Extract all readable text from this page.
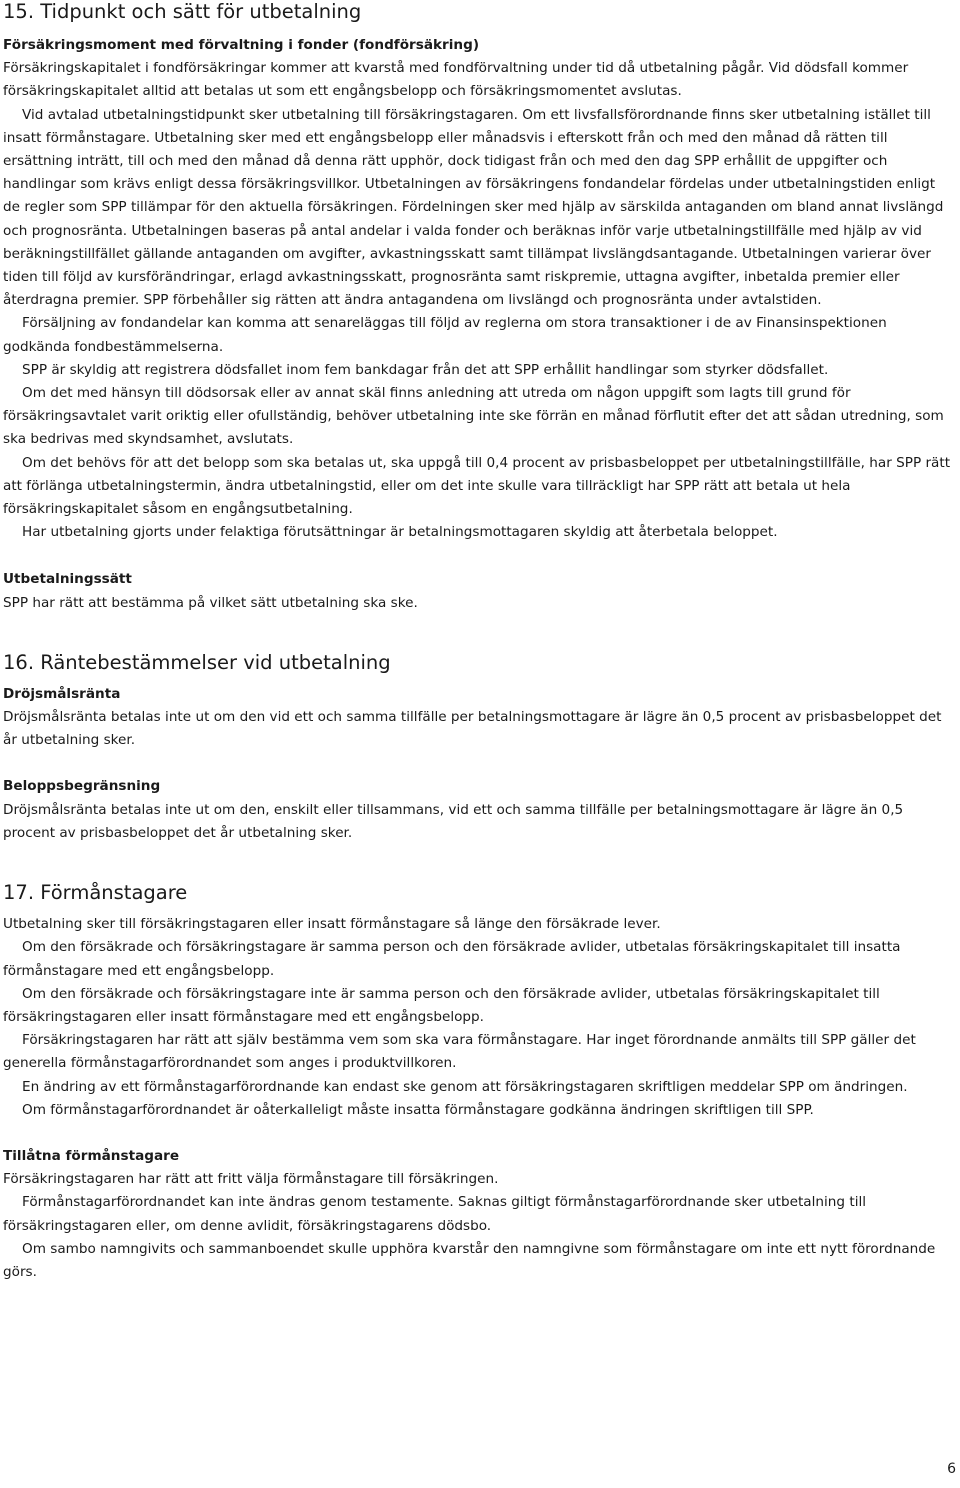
15. Tidpunkt och sätt för utbetalning
Försäkringsmoment med förvaltning i fonder (fondförsäkring)

Försäkringskapitalet i fondförsäkringar kommer att kvarstå med fondförvaltning under tid då utbetalning pågår. Vid dödsfall kommer försäkringskapitalet alltid att betalas ut som ett engångsbelopp och försäkringsmomentet avslutas.

Vid avtalad utbetalningstidpunkt sker utbetalning till försäkringstagaren. Om ett livsfallsförordnande finns sker utbetalning istället till insatt förmånstagare. Utbetalning sker med ett engångsbelopp eller månadsvis i efterskott från och med den månad då rätten till ersättning inträtt, till och med den månad då denna rätt upphör, dock tidigast från och med den dag SPP erhållit de uppgifter och handlingar som krävs enligt dessa försäkringsvillkor. Utbetalningen av försäkringens fondandelar fördelas under utbetalningstiden enligt de regler som SPP tillämpar för den aktuella försäkringen. Fördelningen sker med hjälp av särskilda antaganden om bland annat livslängd och prognosränta. Utbetalningen baseras på antal andelar i valda fonder och beräknas inför varje utbetalningstillfälle med hjälp av vid beräkningstillfället gällande antaganden om avgifter, avkastningsskatt samt tillämpat livslängdsantagande. Utbetalningen varierar över tiden till följd av kursförändringar, erlagd avkastningsskatt, prognosränta samt riskpremie, uttagna avgifter, inbetalda premier eller återdragna premier. SPP förbehåller sig rätten att ändra antagandena om livslängd och prognosränta under avtalstiden.

Försäljning av fondandelar kan komma att senareläggas till följd av reglerna om stora transaktioner i de av Finansinspektionen godkända fondbestämmelserna.

SPP är skyldig att registrera dödsfallet inom fem bankdagar från det att SPP erhållit handlingar som styrker dödsfallet.

Om det med hänsyn till dödsorsak eller av annat skäl finns anledning att utreda om någon uppgift som lagts till grund för försäkringsavtalet varit oriktig eller ofullständig, behöver utbetalning inte ske förrän en månad förflutit efter det att sådan utredning, som ska bedrivas med skyndsamhet, avslutats.

Om det behövs för att det belopp som ska betalas ut, ska uppgå till 0,4 procent av prisbasbeloppet per utbetalningstillfälle, har SPP rätt att förlänga utbetalningstermin, ändra utbetalningstid, eller om det inte skulle vara tillräckligt har SPP rätt att betala ut hela försäkringskapitalet såsom en engångsutbetalning.

Har utbetalning gjorts under felaktiga förutsättningar är betalningsmottagaren skyldig att återbetala beloppet.

Utbetalningssätt

SPP har rätt att bestämma på vilket sätt utbetalning ska ske.

16. Räntebestämmelser vid utbetalning
Dröjsmålsränta

Dröjsmålsränta betalas inte ut om den vid ett och samma tillfälle per betalningsmottagare är lägre än 0,5 procent av prisbasbeloppet det år utbetalning sker.

Beloppsbegränsning

Dröjsmålsränta betalas inte ut om den, enskilt eller tillsammans, vid ett och samma tillfälle per betalningsmottagare är lägre än 0,5 procent av prisbasbeloppet det år utbetalning sker.

17. Förmånstagare

Utbetalning sker till försäkringstagaren eller insatt förmånstagare så länge den försäkrade lever.

Om den försäkrade och försäkringstagare är samma person och den försäkrade avlider, utbetalas försäkringskapitalet till insatta förmånstagare med ett engångsbelopp.

Om den försäkrade och försäkringstagare inte är samma person och den försäkrade avlider, utbetalas försäkringskapitalet till försäkringstagaren eller insatt förmånstagare med ett engångsbelopp.

Försäkringstagaren har rätt att själv bestämma vem som ska vara förmånstagare. Har inget förordnande anmälts till SPP gäller det generella förmånstagarförordnandet som anges i produktvillkoren.

En ändring av ett förmånstagarförordnande kan endast ske genom att försäkringstagaren skriftligen meddelar SPP om ändringen.

Om förmånstagarförordnandet är oåterkalleligt måste insatta förmånstagare godkänna ändringen skriftligen till SPP.

Tillåtna förmånstagare

Försäkringstagaren har rätt att fritt välja förmånstagare till försäkringen.

Förmånstagarförordnandet kan inte ändras genom testamente. Saknas giltigt förmånstagarförordnande sker utbetalning till försäkringstagaren eller, om denne avlidit, försäkringstagarens dödsbo.

Om sambo namngivits och sammanboendet skulle upphöra kvarstår den namngivne som förmånstagare om inte ett nytt förordnande görs.

6
